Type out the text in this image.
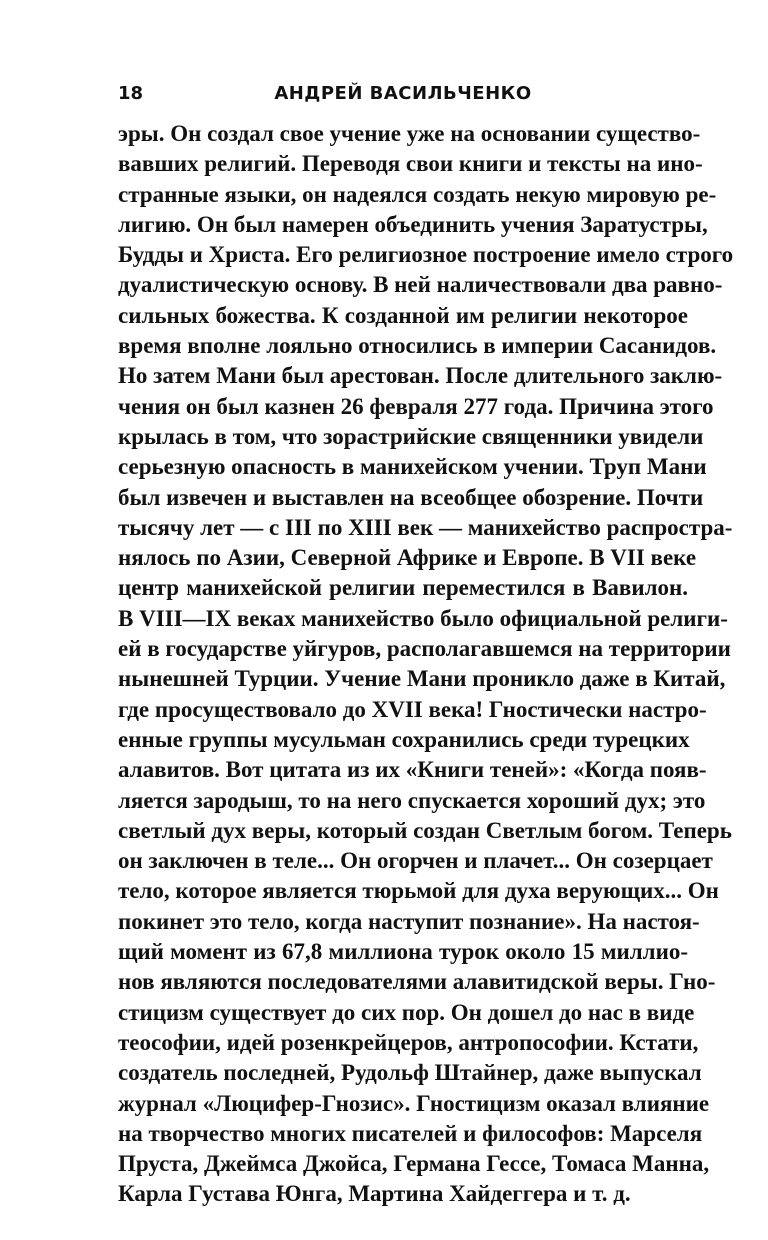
18	АНДРЕЙ ВАСИЛЬЧЕНКО
эры. Он создал свое учение уже на основании существо-
вавших религий. Переводя свои книги и тексты на ино-
странные языки, он надеялся создать некую мировую ре-
лигию. Он был намерен объединить учения Заратустры,
Будды и Христа. Его религиозное построение имело строго
дуалистическую основу. В ней наличествовали два равно-
сильных божества. К созданной им религии некоторое
время вполне лояльно относились в империи Сасанидов.
Но затем Мани был арестован. После длительного заклю-
чения он был казнен 26 февраля 277 года. Причина этого
крылась в том, что зорастрийские священники увидели
серьезную опасность в манихейском учении. Труп Мани
был извечен и выставлен на всеобщее обозрение. Почти
тысячу лет — с III по XIII век — манихейство распростра-
нялось по Азии, Северной Африке и Европе. В VII веке
центр манихейской религии переместился в Вавилон.
В VIII—IX веках манихейство было официальной религи-
ей в государстве уйгуров, располагавшемся на территории
нынешней Турции. Учение Мани проникло даже в Китай,
где просуществовало до XVII века! Гностически настро-
енные группы мусульман сохранились среди турецких
алавитов. Вот цитата из их «Книги теней»: «Когда появ-
ляется зародыш, то на него спускается хороший дух; это
светлый дух веры, который создан Светлым богом. Теперь
он заключен в теле... Он огорчен и плачет... Он созерцает
тело, которое является тюрьмой для духа верующих... Он
покинет это тело, когда наступит познание». На настоя-
щий момент из 67,8 миллиона турок около 15 миллио-
нов являются последователями алавитидской веры. Гно-
стицизм существует до сих пор. Он дошел до нас в виде
теософии, идей розенкрейцеров, антропософии. Кстати,
создатель последней, Рудольф Штайнер, даже выпускал
журнал «Люцифер-Гнозис». Гностицизм оказал влияние
на творчество многих писателей и философов: Марселя
Пруста, Джеймса Джойса, Германа Гессе, Томаса Манна,
Карла Густава Юнга, Мартина Хайдеггера и т. д.
